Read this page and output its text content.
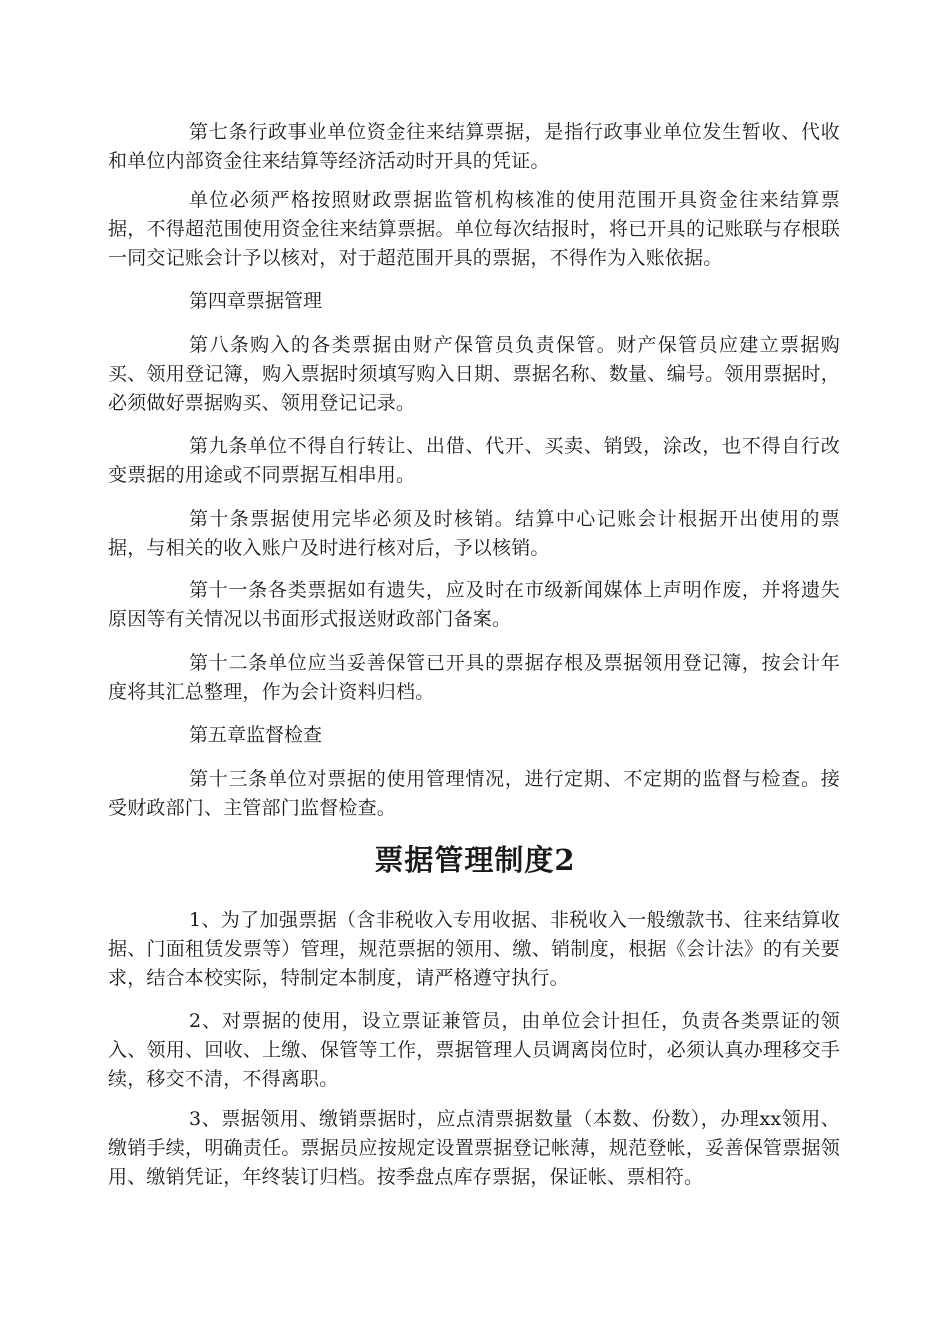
第七条行政事业单位资金往来结算票据，是指行政事业单位发生暂收、代收和单位内部资金往来结算等经济活动时开具的凭证。

单位必须严格按照财政票据监管机构核准的使用范围开具资金往来结算票据，不得超范围使用资金往来结算票据。单位每次结报时，将已开具的记账联与存根联一同交记账会计予以核对，对于超范围开具的票据，不得作为入账依据。

第四章票据管理

第八条购入的各类票据由财产保管员负责保管。财产保管员应建立票据购买、领用登记簿，购入票据时须填写购入日期、票据名称、数量、编号。领用票据时，必须做好票据购买、领用登记记录。

第九条单位不得自行转让、出借、代开、买卖、销毁，涂改，也不得自行改变票据的用途或不同票据互相串用。

第十条票据使用完毕必须及时核销。结算中心记账会计根据开出使用的票据，与相关的收入账户及时进行核对后，予以核销。

第十一条各类票据如有遗失，应及时在市级新闻媒体上声明作废，并将遗失原因等有关情况以书面形式报送财政部门备案。

第十二条单位应当妥善保管已开具的票据存根及票据领用登记簿，按会计年度将其汇总整理，作为会计资料归档。

第五章监督检查

第十三条单位对票据的使用管理情况，进行定期、不定期的监督与检查。接受财政部门、主管部门监督检查。

票据管理制度2

1、为了加强票据（含非税收入专用收据、非税收入一般缴款书、往来结算收据、门面租赁发票等）管理，规范票据的领用、缴、销制度，根据《会计法》的有关要求，结合本校实际，特制定本制度，请严格遵守执行。

2、对票据的使用，设立票证兼管员，由单位会计担任，负责各类票证的领入、领用、回收、上缴、保管等工作，票据管理人员调离岗位时，必须认真办理移交手续，移交不清，不得离职。

3、票据领用、缴销票据时，应点清票据数量（本数、份数），办理xx领用、缴销手续，明确责任。票据员应按规定设置票据登记帐薄，规范登帐，妥善保管票据领用、缴销凭证，年终装订归档。按季盘点库存票据，保证帐、票相符。
